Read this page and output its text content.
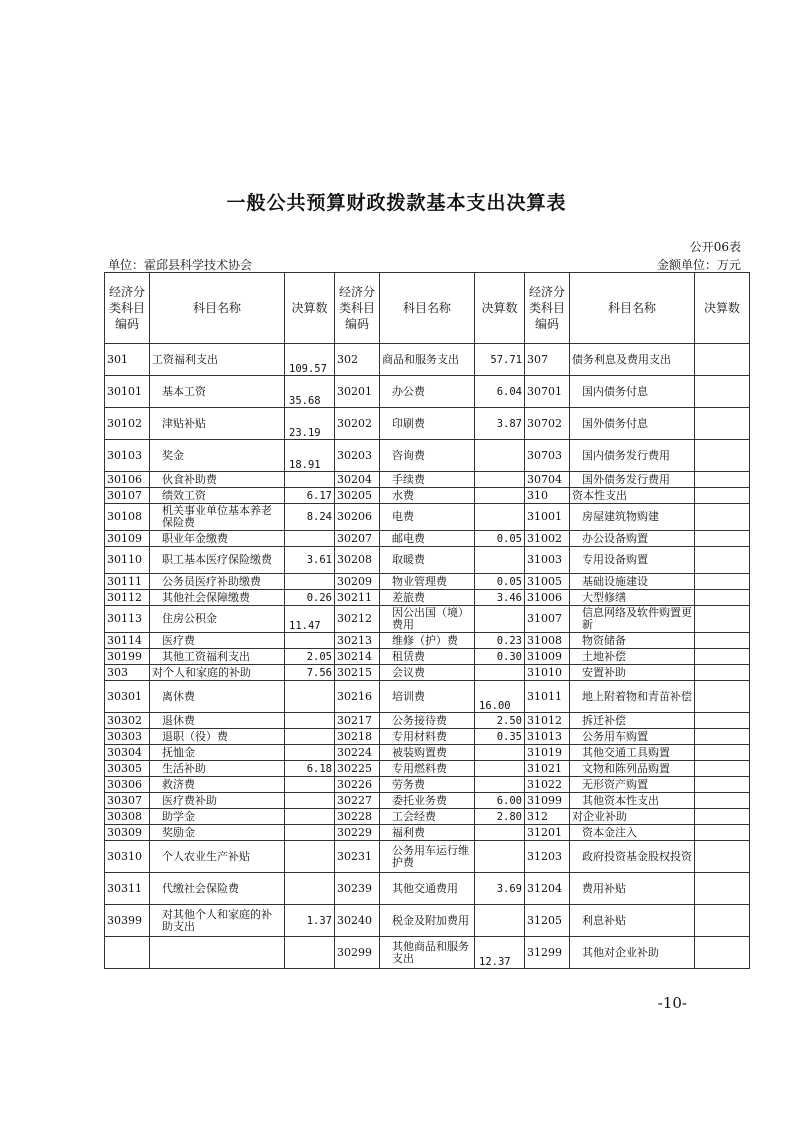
一般公共预算财政拨款基本支出决算表
公开06表
单位：霍邱县科学技术协会	金额单位：万元
经济分类科目编码	科目名称	决算数	经济分类科目编码	科目名称	决算数	经济分类科目编码	科目名称	决算数
301	工资福利支出	109.57	302	商品和服务支出	57.71	307	债务利息及费用支出	
30101	基本工资	35.68	30201	办公费	6.04	30701	国内债务付息	
30102	津贴补贴	23.19	30202	印刷费	3.87	30702	国外债务付息	
30103	奖金	18.91	30203	咨询费		30703	国内债务发行费用	
30106	伙食补助费		30204	手续费		30704	国外债务发行费用	
30107	绩效工资	6.17	30205	水费		310	资本性支出	
30108	机关事业单位基本养老保险费	8.24	30206	电费		31001	房屋建筑物购建	
30109	职业年金缴费		30207	邮电费	0.05	31002	办公设备购置	
30110	职工基本医疗保险缴费	3.61	30208	取暖费		31003	专用设备购置	
30111	公务员医疗补助缴费		30209	物业管理费	0.05	31005	基础设施建设	
30112	其他社会保障缴费	0.26	30211	差旅费	3.46	31006	大型修缮	
30113	住房公积金	11.47	30212	因公出国（境）费用		31007	信息网络及软件购置更新	
30114	医疗费		30213	维修（护）费	0.23	31008	物资储备	
30199	其他工资福利支出	2.05	30214	租赁费	0.30	31009	土地补偿	
303	对个人和家庭的补助	7.56	30215	会议费		31010	安置补助	
30301	离休费		30216	培训费	16.00	31011	地上附着物和青苗补偿	
30302	退休费		30217	公务接待费	2.50	31012	拆迁补偿	
30303	退职（役）费		30218	专用材料费	0.35	31013	公务用车购置	
30304	抚恤金		30224	被装购置费		31019	其他交通工具购置	
30305	生活补助	6.18	30225	专用燃料费		31021	文物和陈列品购置	
30306	救济费		30226	劳务费		31022	无形资产购置	
30307	医疗费补助		30227	委托业务费	6.00	31099	其他资本性支出	
30308	助学金		30228	工会经费	2.80	312	对企业补助	
30309	奖励金		30229	福利费		31201	资本金注入	
30310	个人农业生产补贴		30231	公务用车运行维护费		31203	政府投资基金股权投资	
30311	代缴社会保险费		30239	其他交通费用	3.69	31204	费用补贴	
30399	对其他个人和家庭的补助支出	1.37	30240	税金及附加费用		31205	利息补贴	
			30299	其他商品和服务支出	12.37	31299	其他对企业补助	
-10-
